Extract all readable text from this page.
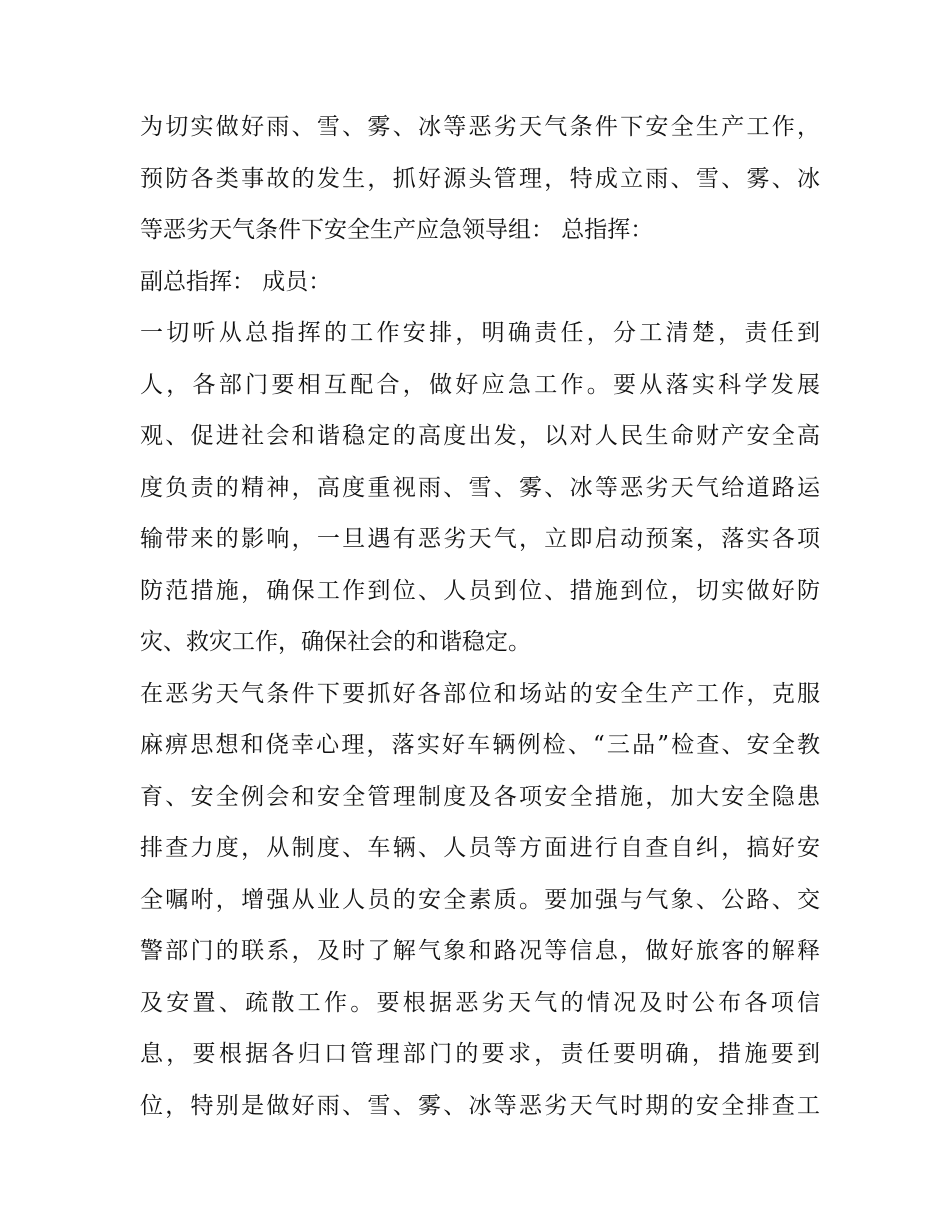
为切实做好雨、雪、雾、冰等恶劣天气条件下安全生产工作，
预防各类事故的发生，抓好源头管理，特成立雨、雪、雾、冰
等恶劣天气条件下安全生产应急领导组： 总指挥：
副总指挥： 成员：
一切听从总指挥的工作安排，明确责任，分工清楚，责任到
人，各部门要相互配合，做好应急工作。要从落实科学发展
观、促进社会和谐稳定的高度出发，以对人民生命财产安全高
度负责的精神，高度重视雨、雪、雾、冰等恶劣天气给道路运
输带来的影响，一旦遇有恶劣天气，立即启动预案，落实各项
防范措施，确保工作到位、人员到位、措施到位，切实做好防
灾、救灾工作，确保社会的和谐稳定。
在恶劣天气条件下要抓好各部位和场站的安全生产工作，克服
麻痹思想和侥幸心理，落实好车辆例检、“三品”检查、安全教
育、安全例会和安全管理制度及各项安全措施，加大安全隐患
排查力度，从制度、车辆、人员等方面进行自查自纠，搞好安
全嘱咐，增强从业人员的安全素质。要加强与气象、公路、交
警部门的联系，及时了解气象和路况等信息，做好旅客的解释
及安置、疏散工作。要根据恶劣天气的情况及时公布各项信
息，要根据各归口管理部门的要求，责任要明确，措施要到
位，特别是做好雨、雪、雾、冰等恶劣天气时期的安全排查工
